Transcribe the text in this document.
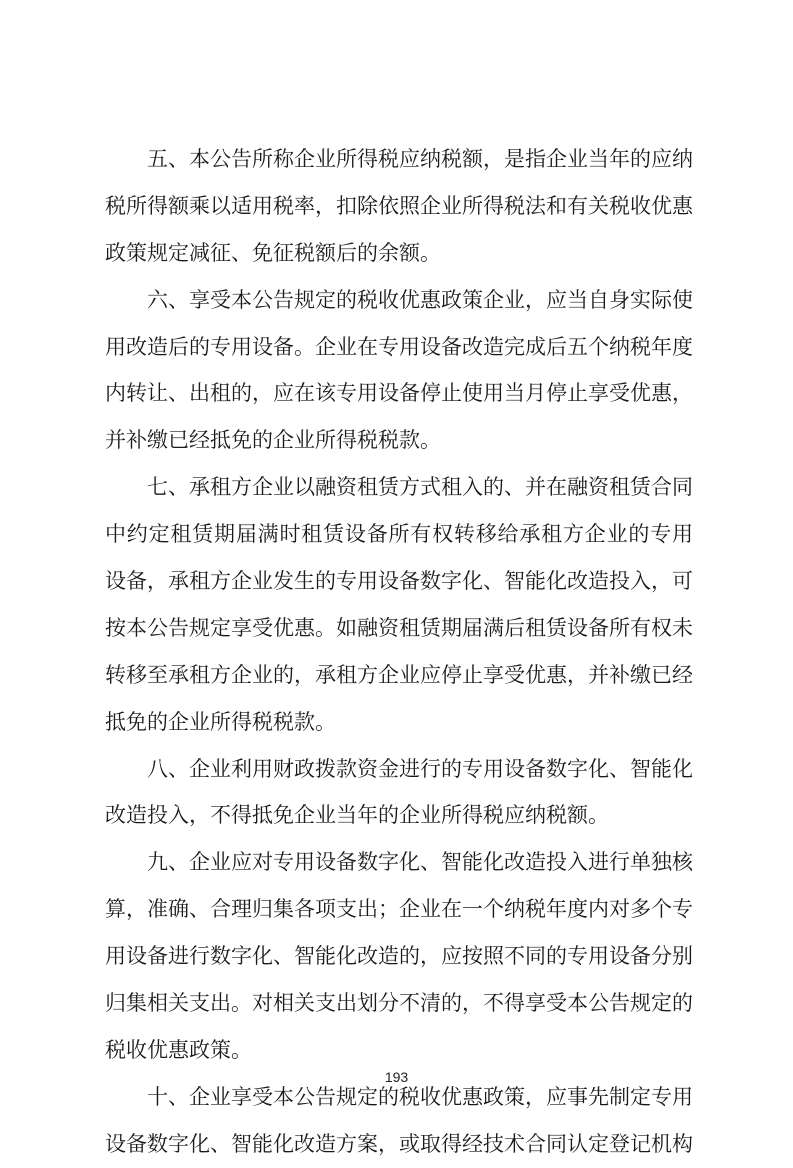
五、本公告所称企业所得税应纳税额，是指企业当年的应纳
税所得额乘以适用税率，扣除依照企业所得税法和有关税收优惠
政策规定减征、免征税额后的余额。
六、享受本公告规定的税收优惠政策企业，应当自身实际使
用改造后的专用设备。企业在专用设备改造完成后五个纳税年度
内转让、出租的，应在该专用设备停止使用当月停止享受优惠，
并补缴已经抵免的企业所得税税款。
七、承租方企业以融资租赁方式租入的、并在融资租赁合同
中约定租赁期届满时租赁设备所有权转移给承租方企业的专用
设备，承租方企业发生的专用设备数字化、智能化改造投入，可
按本公告规定享受优惠。如融资租赁期届满后租赁设备所有权未
转移至承租方企业的，承租方企业应停止享受优惠，并补缴已经
抵免的企业所得税税款。
八、企业利用财政拨款资金进行的专用设备数字化、智能化
改造投入，不得抵免企业当年的企业所得税应纳税额。
九、企业应对专用设备数字化、智能化改造投入进行单独核
算，准确、合理归集各项支出；企业在一个纳税年度内对多个专
用设备进行数字化、智能化改造的，应按照不同的专用设备分别
归集相关支出。对相关支出划分不清的，不得享受本公告规定的
税收优惠政策。
十、企业享受本公告规定的税收优惠政策，应事先制定专用
设备数字化、智能化改造方案，或取得经技术合同认定登记机构
193
